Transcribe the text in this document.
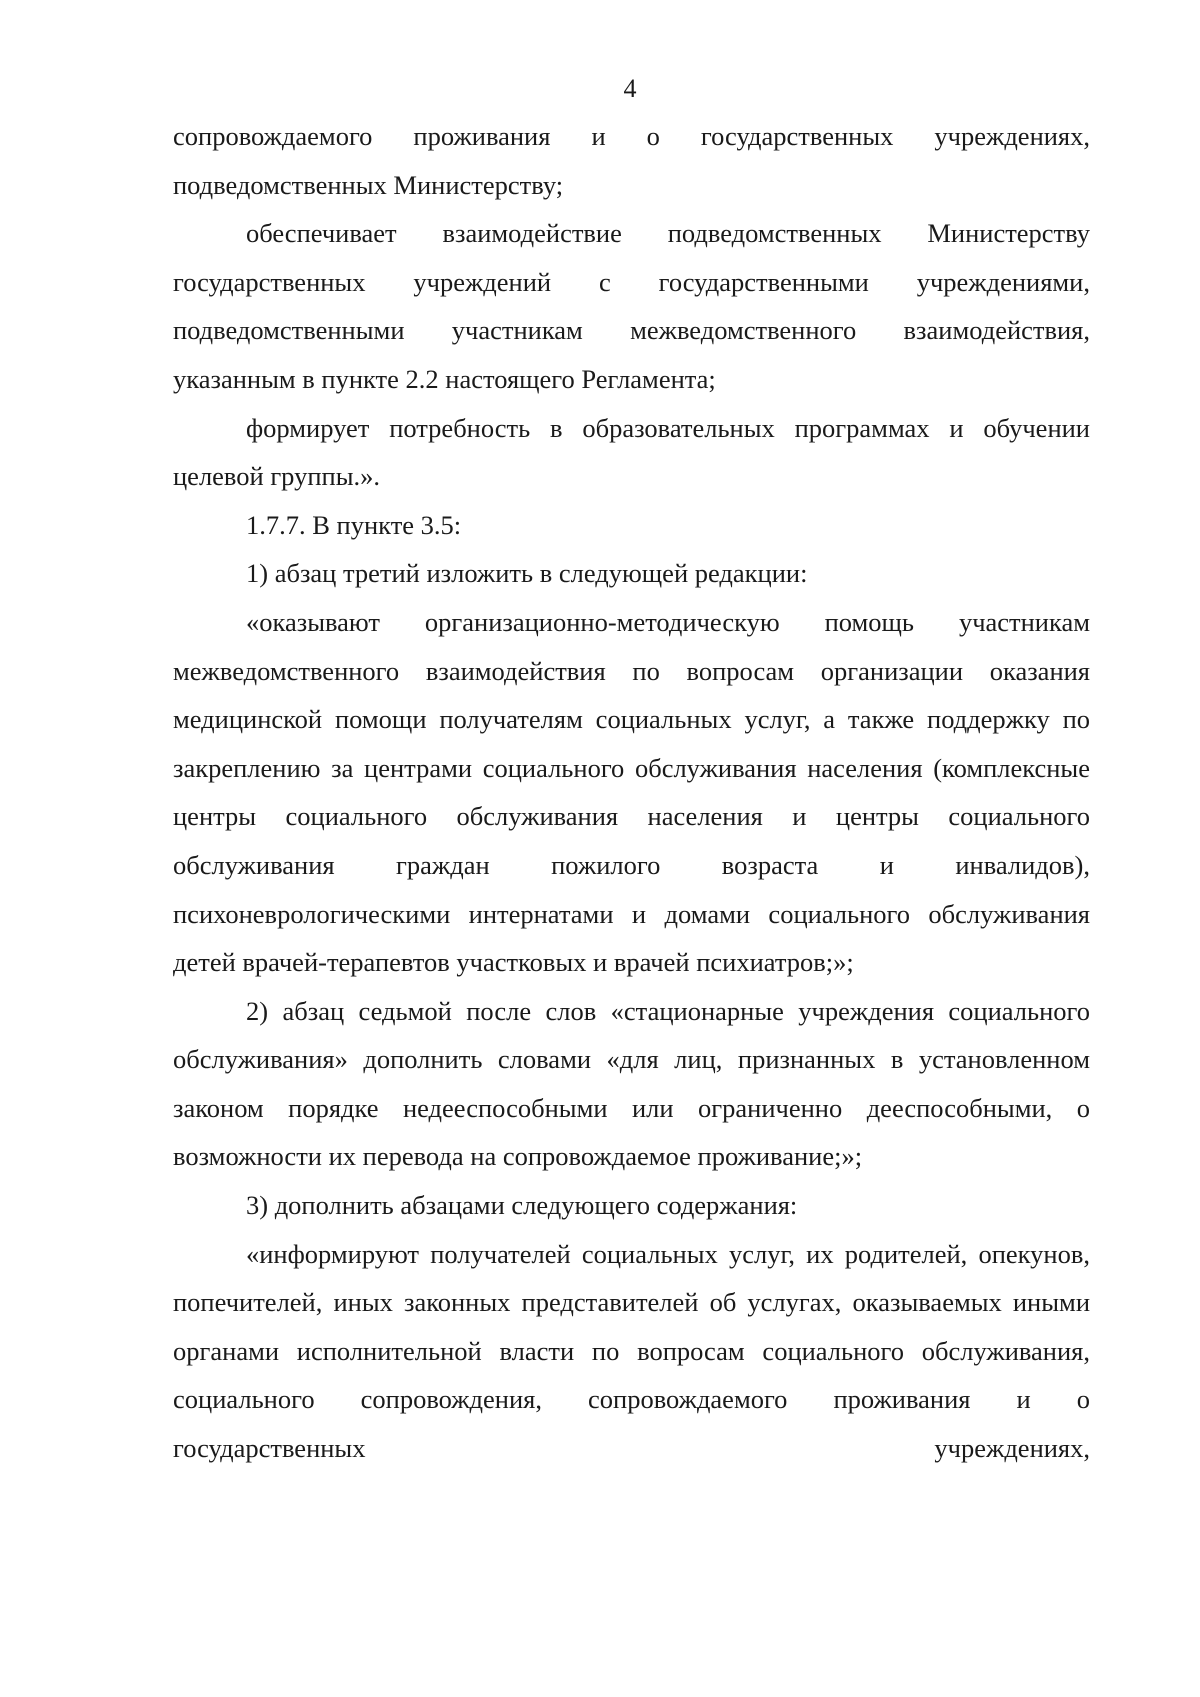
4

сопровождаемого проживания и о государственных учреждениях, подведомственных Министерству;

обеспечивает взаимодействие подведомственных Министерству государственных учреждений с государственными учреждениями, подведомственными участникам межведомственного взаимодействия, указанным в пункте 2.2 настоящего Регламента;

формирует потребность в образовательных программах и обучении целевой группы.».

1.7.7. В пункте 3.5:

1) абзац третий изложить в следующей редакции:

«оказывают организационно-методическую помощь участникам межведомственного взаимодействия по вопросам организации оказания медицинской помощи получателям социальных услуг, а также поддержку по закреплению за центрами социального обслуживания населения (комплексные центры социального обслуживания населения и центры социального обслуживания граждан пожилого возраста и инвалидов), психоневрологическими интернатами и домами социального обслуживания детей врачей-терапевтов участковых и врачей психиатров;»;

2) абзац седьмой после слов «стационарные учреждения социального обслуживания» дополнить словами «для лиц, признанных в установленном законом порядке недееспособными или ограниченно дееспособными, о возможности их перевода на сопровождаемое проживание;»;

3) дополнить абзацами следующего содержания:

«информируют получателей социальных услуг, их родителей, опекунов, попечителей, иных законных представителей об услугах, оказываемых иными органами исполнительной власти по вопросам социального обслуживания, социального сопровождения, сопровождаемого проживания и о государственных учреждениях,
